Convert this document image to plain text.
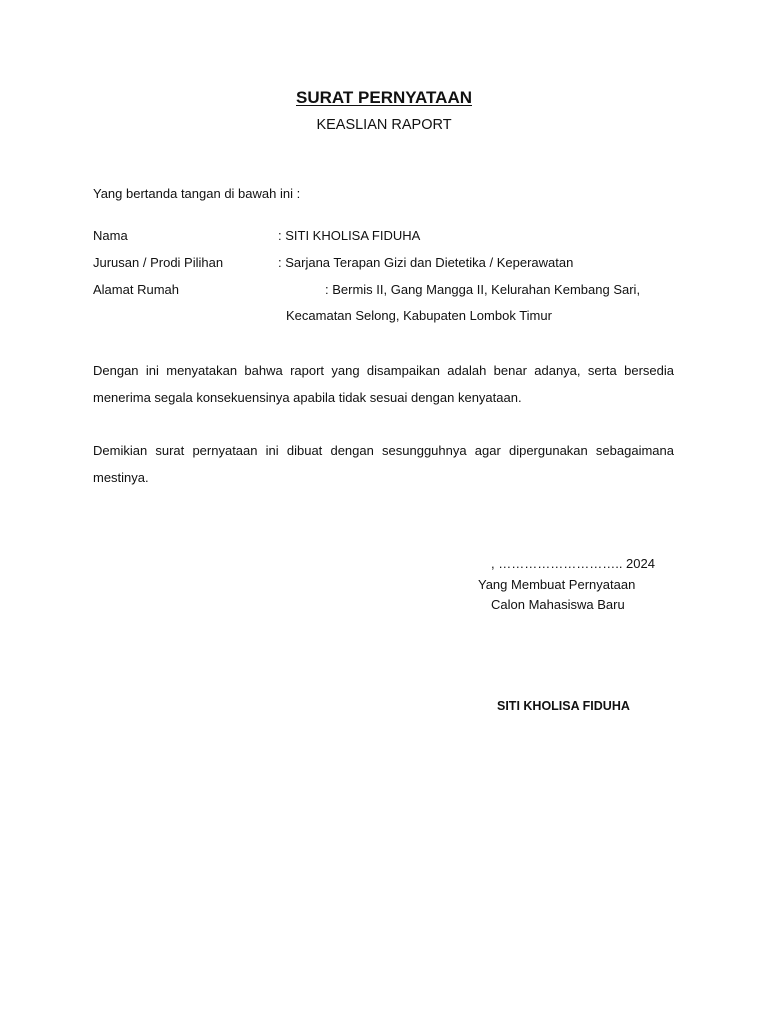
SURAT PERNYATAAN
KEASLIAN RAPORT
Yang bertanda tangan di bawah ini :
Nama	: SITI KHOLISA FIDUHA
Jurusan / Prodi Pilihan	: Sarjana Terapan Gizi dan Dietetika / Keperawatan
Alamat Rumah	: Bermis II, Gang Mangga II, Kelurahan Kembang Sari,
Kecamatan Selong, Kabupaten Lombok Timur

Dengan ini menyatakan bahwa raport yang disampaikan adalah benar adanya, serta bersedia menerima segala konsekuensinya apabila tidak sesuai dengan kenyataan.

Demikian surat pernyataan ini dibuat dengan sesungguhnya agar dipergunakan sebagaimana mestinya.

, ……………………….. 2024
Yang Membuat Pernyataan
Calon Mahasiswa Baru
SITI KHOLISA FIDUHA
